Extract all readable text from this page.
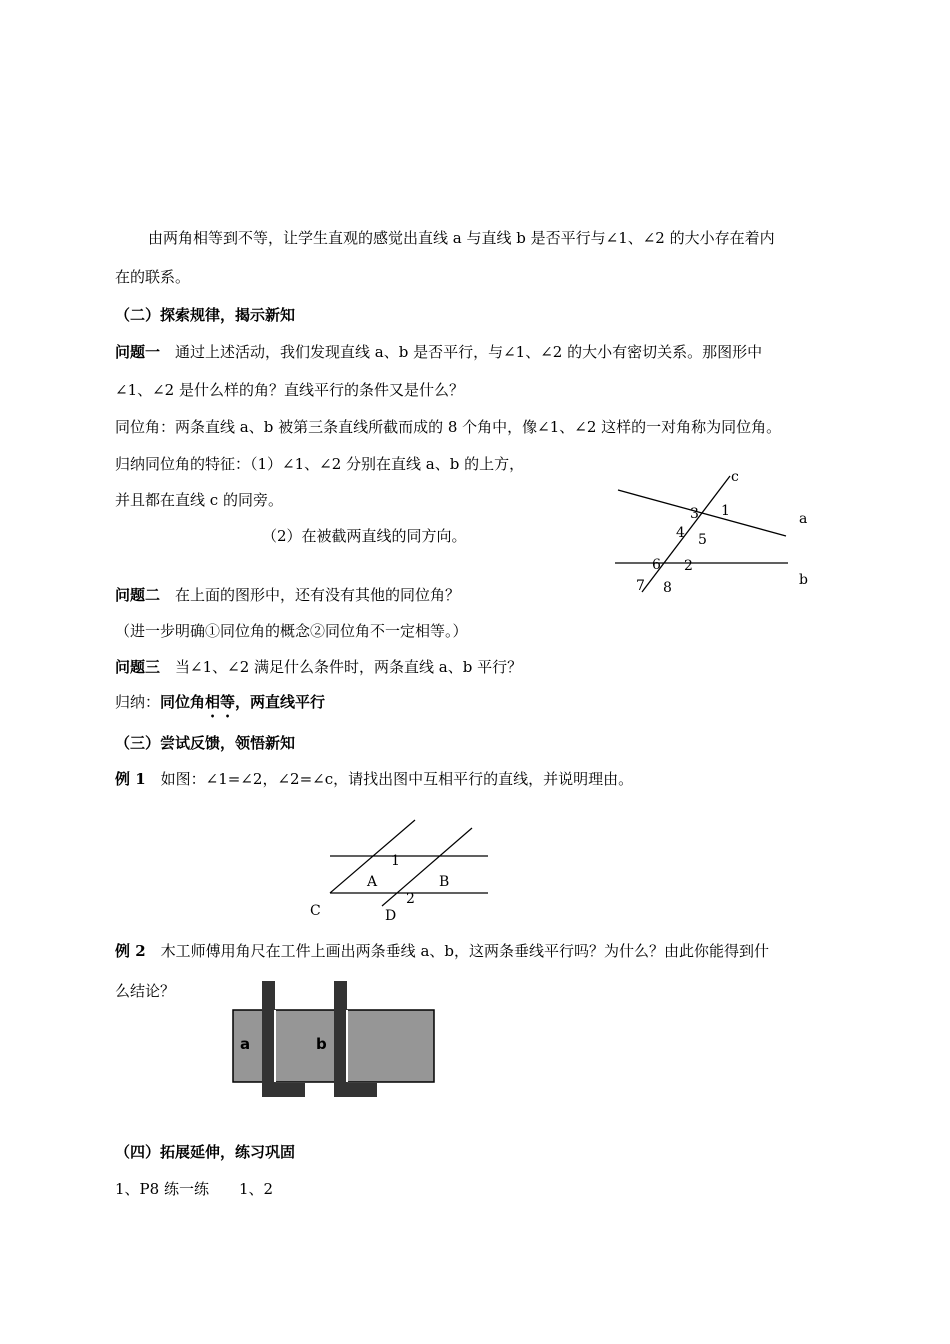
由两角相等到不等，让学生直观的感觉出直线 a 与直线 b 是否平行与∠1、∠2 的大小存在着内
在的联系。
（二）探索规律，揭示新知
问题一　通过上述活动，我们发现直线 a、b 是否平行，与∠1、∠2 的大小有密切关系。那图形中
∠1、∠2 是什么样的角？直线平行的条件又是什么？
同位角：两条直线 a、b 被第三条直线所截而成的 8 个角中，像∠1、∠2 这样的一对角称为同位角。
归纳同位角的特征：（1）∠1、∠2 分别在直线 a、b 的上方，
并且都在直线 c 的同旁。
（2）在被截两直线的同方向。
c
a
b
1
3
4 5
6 2
7 8
问题二　在上面的图形中，还有没有其他的同位角？
（进一步明确①同位角的概念②同位角不一定相等。）
问题三　当∠1、∠2 满足什么条件时，两条直线 a、b 平行？
归纳：同位角相等，两直线平行
（三）尝试反馈，领悟新知
例 1　如图：∠1=∠2，∠2=∠c，请找出图中互相平行的直线，并说明理由。
1
A	B
2
C	D
例 2　木工师傅用角尺在工件上画出两条垂线 a、b，这两条垂线平行吗？为什么？由此你能得到什
么结论？
a	b
（四）拓展延伸，练习巩固
1、P8 练一练　　1、2
